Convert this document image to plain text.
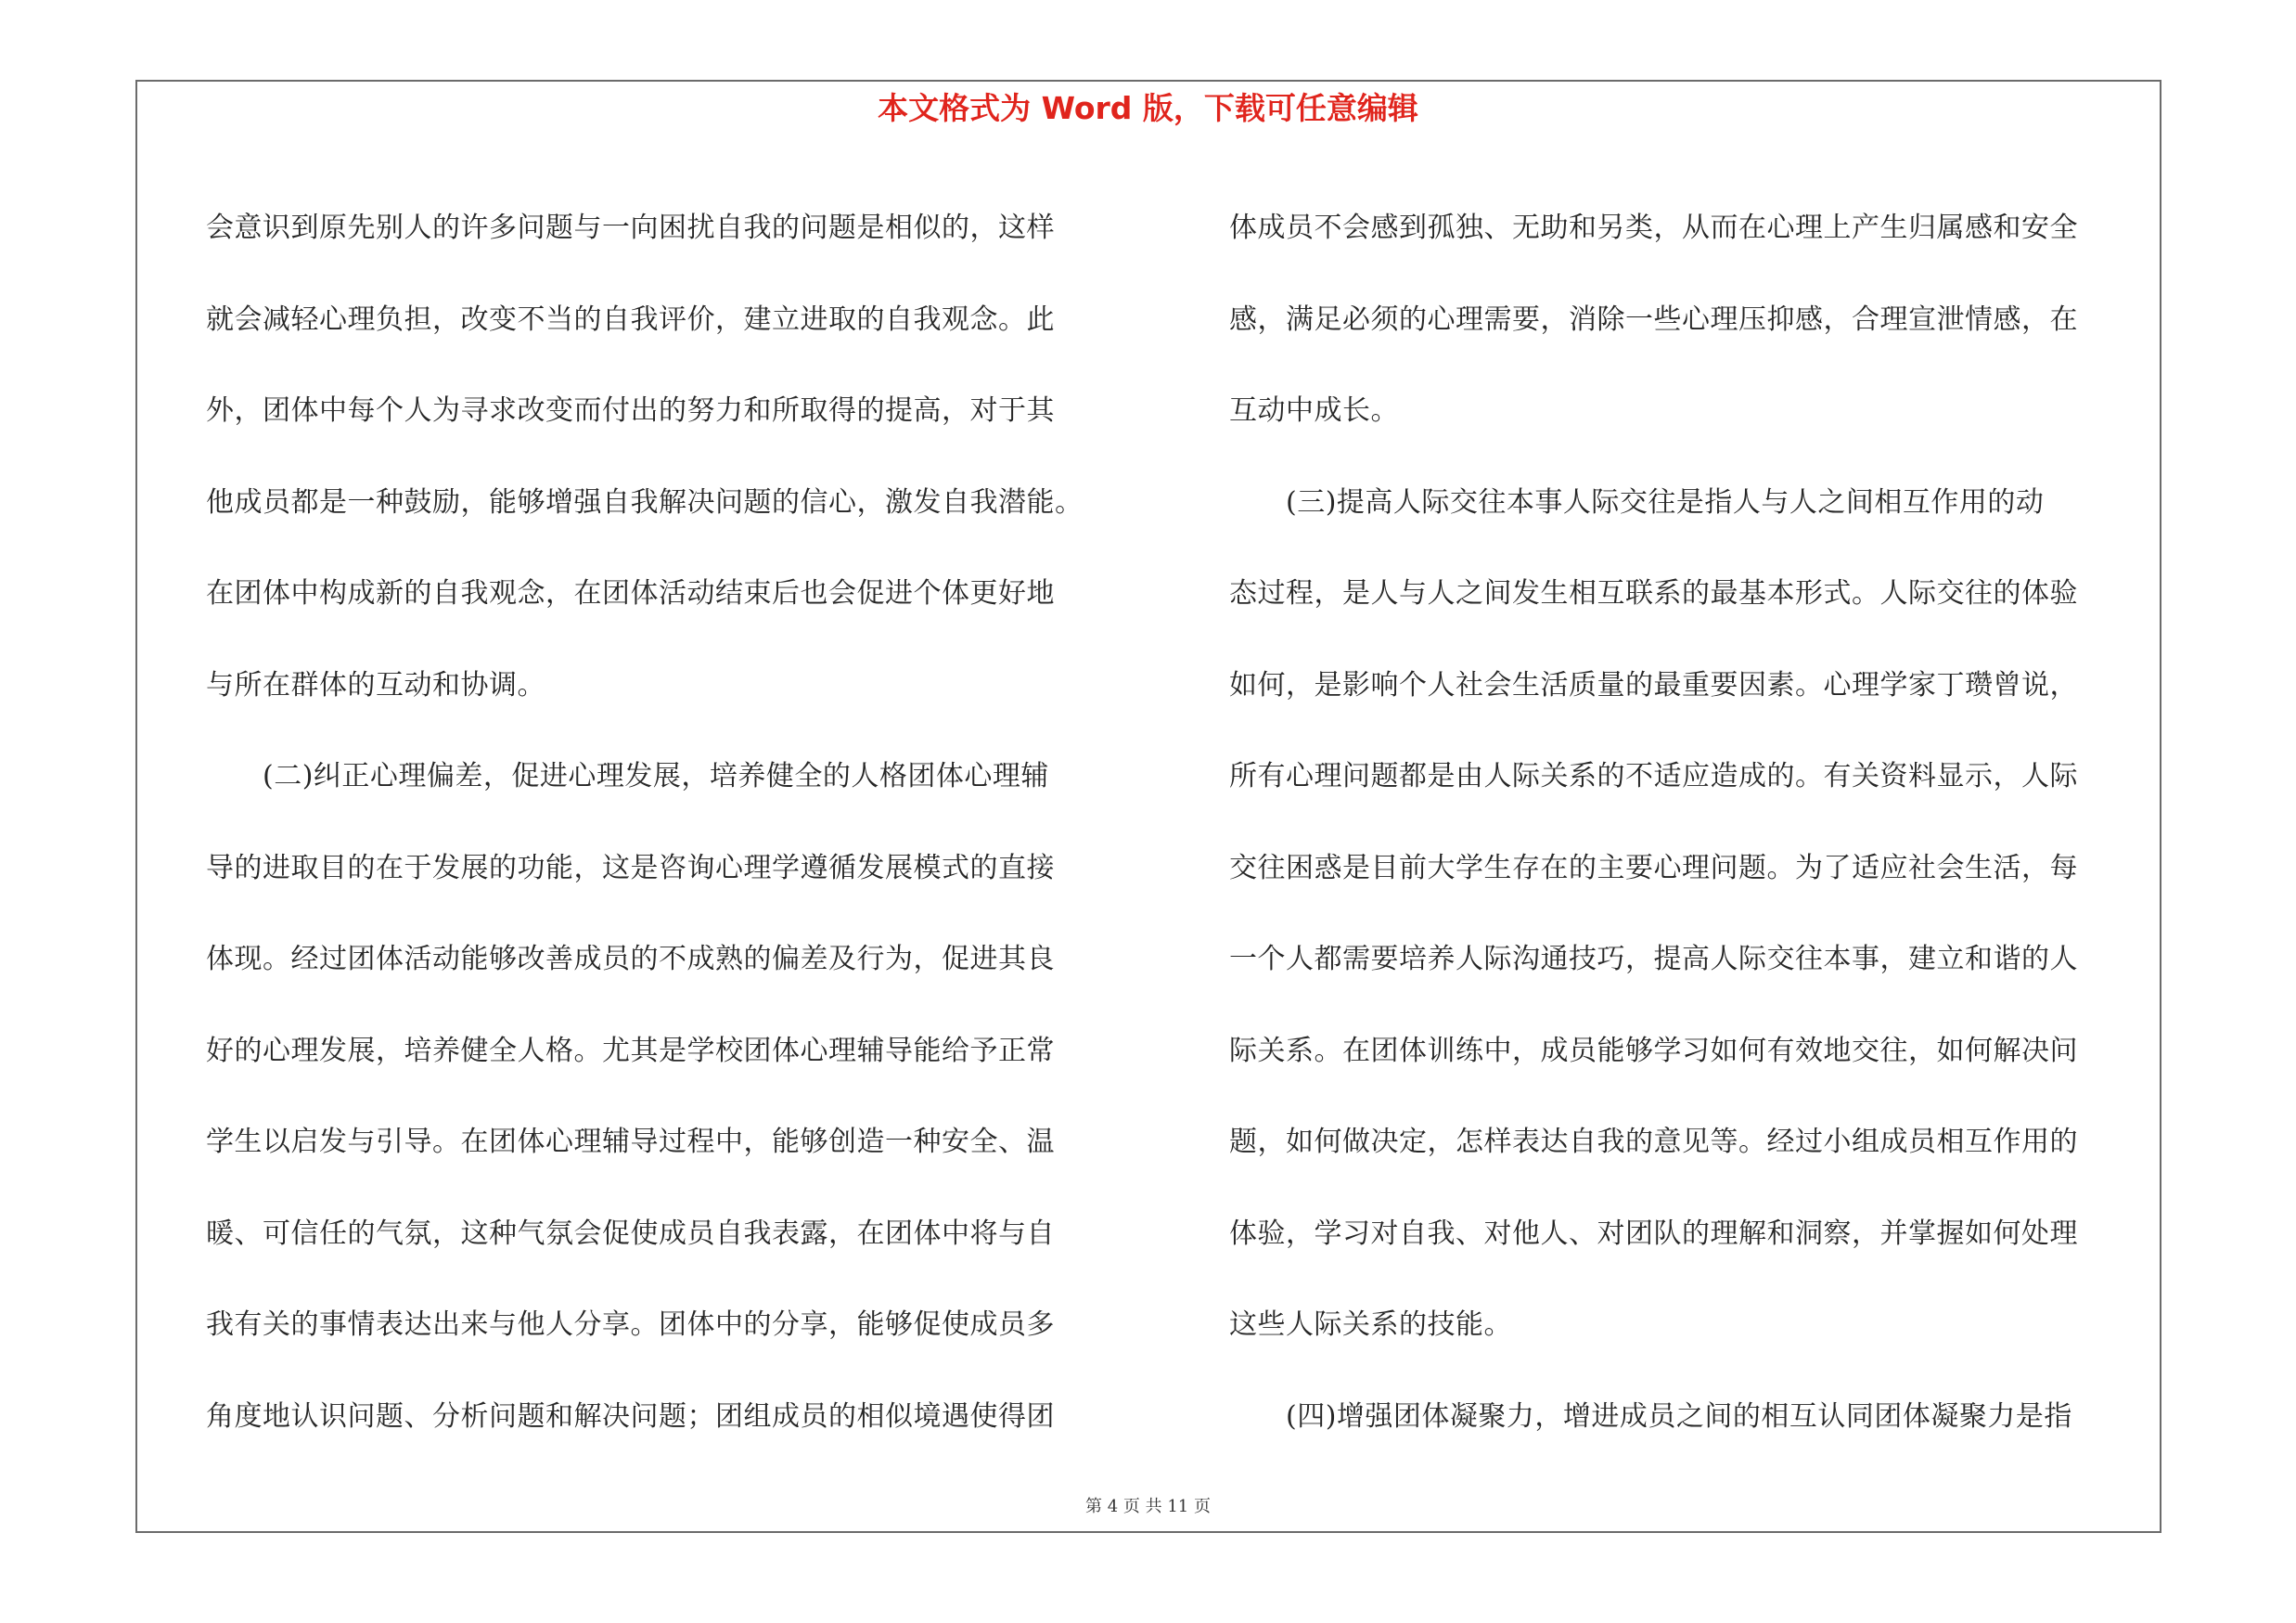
本文格式为 Word 版，下载可任意编辑
会意识到原先别人的许多问题与一向困扰自我的问题是相似的，这样
就会减轻心理负担，改变不当的自我评价，建立进取的自我观念。此
外，团体中每个人为寻求改变而付出的努力和所取得的提高，对于其
他成员都是一种鼓励，能够增强自我解决问题的信心，激发自我潜能。
在团体中构成新的自我观念，在团体活动结束后也会促进个体更好地
与所在群体的互动和协调。
　　(二)纠正心理偏差，促进心理发展，培养健全的人格团体心理辅
导的进取目的在于发展的功能，这是咨询心理学遵循发展模式的直接
体现。经过团体活动能够改善成员的不成熟的偏差及行为，促进其良
好的心理发展，培养健全人格。尤其是学校团体心理辅导能给予正常
学生以启发与引导。在团体心理辅导过程中，能够创造一种安全、温
暖、可信任的气氛，这种气氛会促使成员自我表露，在团体中将与自
我有关的事情表达出来与他人分享。团体中的分享，能够促使成员多
角度地认识问题、分析问题和解决问题；团组成员的相似境遇使得团
体成员不会感到孤独、无助和另类，从而在心理上产生归属感和安全
感，满足必须的心理需要，消除一些心理压抑感，合理宣泄情感，在
互动中成长。
　　(三)提高人际交往本事人际交往是指人与人之间相互作用的动
态过程，是人与人之间发生相互联系的最基本形式。人际交往的体验
如何，是影响个人社会生活质量的最重要因素。心理学家丁瓒曾说，
所有心理问题都是由人际关系的不适应造成的。有关资料显示，人际
交往困惑是目前大学生存在的主要心理问题。为了适应社会生活，每
一个人都需要培养人际沟通技巧，提高人际交往本事，建立和谐的人
际关系。在团体训练中，成员能够学习如何有效地交往，如何解决问
题，如何做决定，怎样表达自我的意见等。经过小组成员相互作用的
体验，学习对自我、对他人、对团队的理解和洞察，并掌握如何处理
这些人际关系的技能。
　　(四)增强团体凝聚力，增进成员之间的相互认同团体凝聚力是指
第 4 页 共 11 页
